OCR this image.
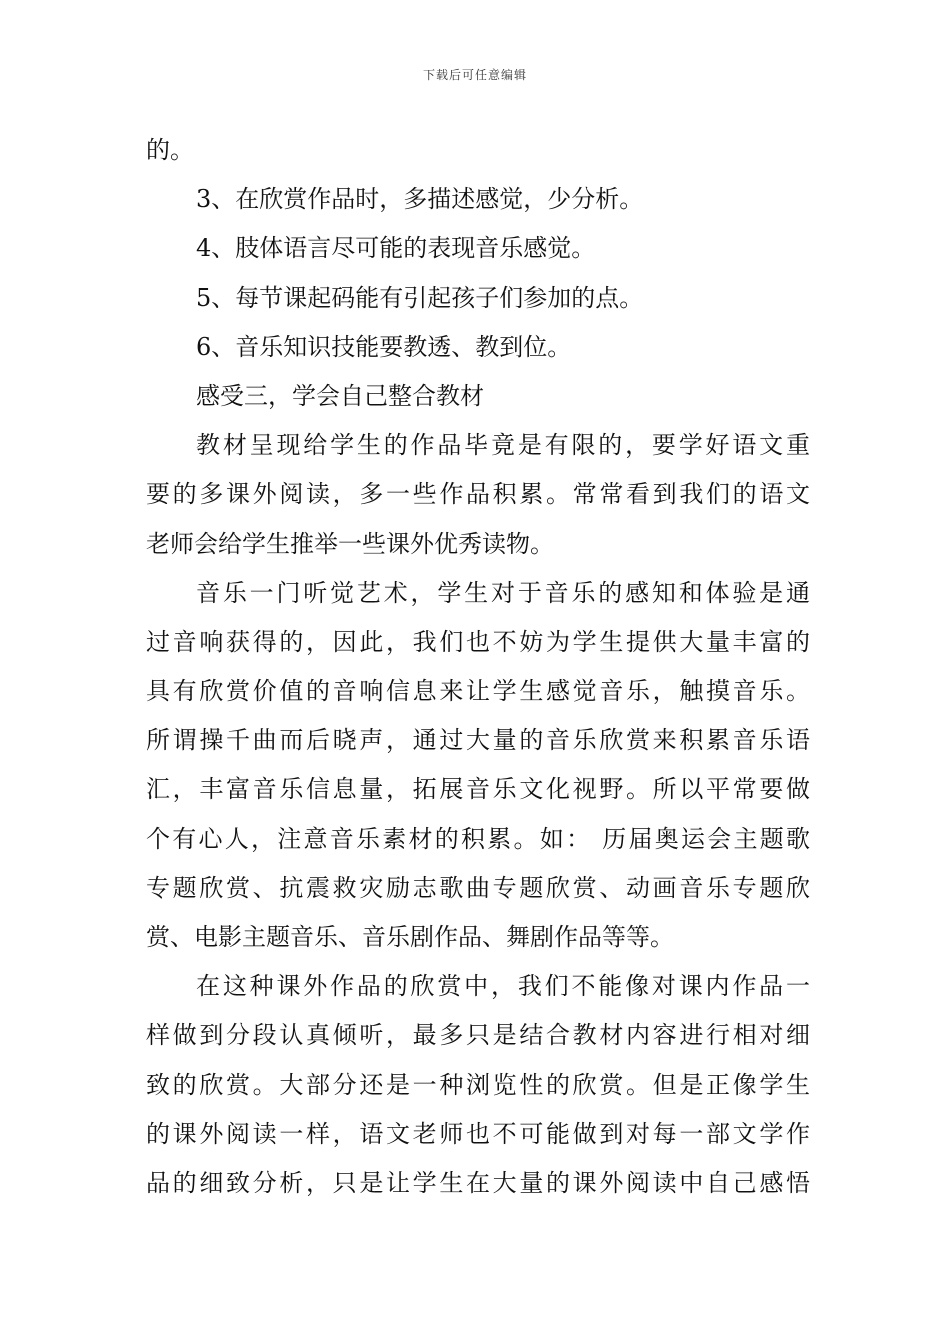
下载后可任意编辑
的。
3、在欣赏作品时，多描述感觉，少分析。
4、肢体语言尽可能的表现音乐感觉。
5、每节课起码能有引起孩子们参加的点。
6、音乐知识技能要教透、教到位。
感受三，学会自己整合教材
教材呈现给学生的作品毕竟是有限的，要学好语文重
要的多课外阅读，多一些作品积累。常常看到我们的语文
老师会给学生推举一些课外优秀读物。
音乐一门听觉艺术，学生对于音乐的感知和体验是通
过音响获得的，因此，我们也不妨为学生提供大量丰富的
具有欣赏价值的音响信息来让学生感觉音乐，触摸音乐。
所谓操千曲而后晓声，通过大量的音乐欣赏来积累音乐语
汇，丰富音乐信息量，拓展音乐文化视野。所以平常要做
个有心人，注意音乐素材的积累。如： 历届奥运会主题歌
专题欣赏、抗震救灾励志歌曲专题欣赏、动画音乐专题欣
赏、电影主题音乐、音乐剧作品、舞剧作品等等。
在这种课外作品的欣赏中，我们不能像对课内作品一
样做到分段认真倾听，最多只是结合教材内容进行相对细
致的欣赏。大部分还是一种浏览性的欣赏。但是正像学生
的课外阅读一样，语文老师也不可能做到对每一部文学作
品的细致分析，只是让学生在大量的课外阅读中自己感悟
